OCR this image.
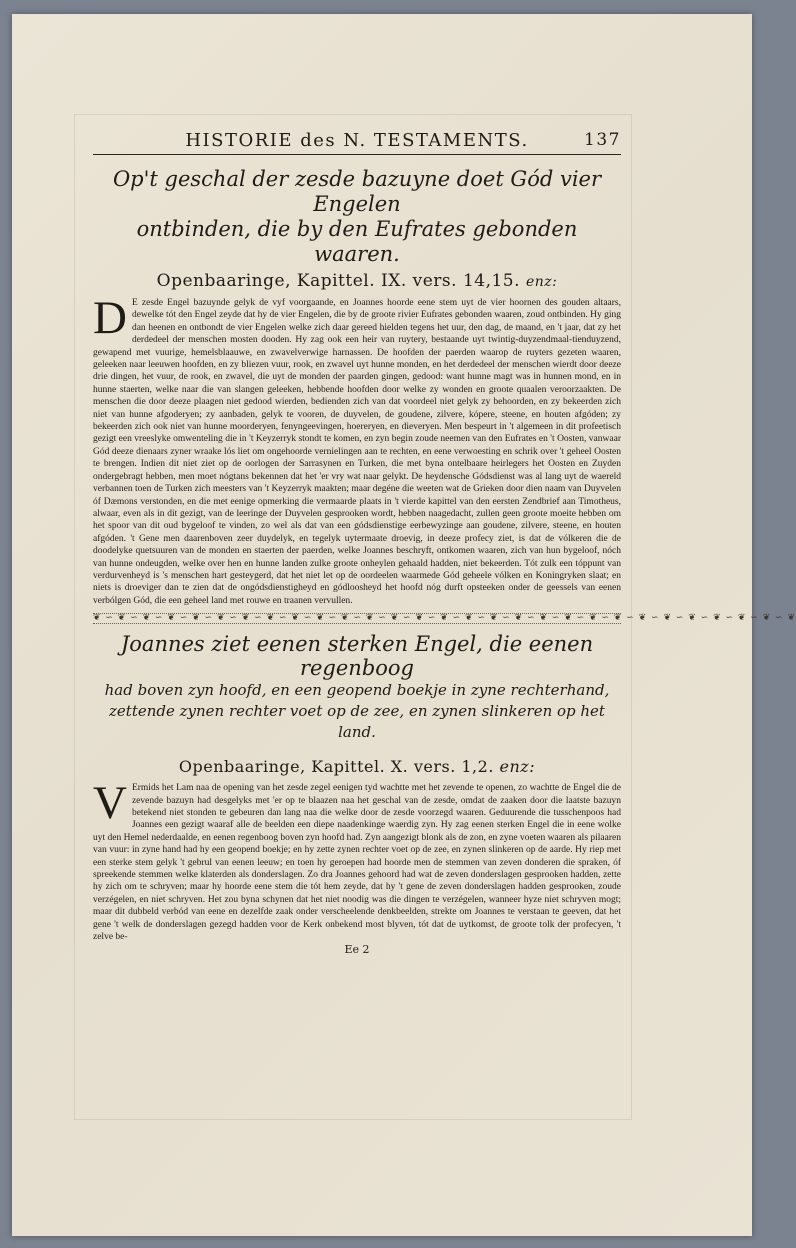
HISTORIE des N. TESTAMENTS.	137
Op't geschal der zesde bazuyne doet Gód vier Engelen
ontbinden, die by den Eufrates gebonden waaren.
Openbaaringe, Kapittel. IX. vers. 14,15. enz:
D E zesde Engel bazuynde gelyk de vyf voorgaande, en Joannes hoorde eene stem uyt de vier hoornen des gouden altaars, dewelke tót den Engel zeyde dat hy de vier Engelen, die by de groote rivier Eufrates gebonden waaren, zoud ontbinden. Hy ging dan heenen en ontbondt de vier Engelen welke zich daar gereed hielden tegens het uur, den dag, de maand, en 't jaar, dat zy het derdedeel der menschen mosten dooden. Hy zag ook een heir van ruytery, bestaande uyt twintig-duyzendmaal-tienduyzend, gewapend met vuurige, hemelsblaauwe, en zwavelverwige harnassen. De hoofden der paerden waarop de ruyters gezeten waaren, geleeken naar leeuwen hoofden, en zy bliezen vuur, rook, en zwavel uyt hunne monden, en het derdedeel der menschen wierdt door deeze drie dingen, het vuur, de rook, en zwavel, die uyt de monden der paarden gingen, gedood: want hunne magt was in hunnen mond, en in hunne staerten, welke naar die van slangen geleeken, hebbende hoofden door welke zy wonden en groote quaalen veroorzaakten. De menschen die door deeze plaagen niet gedood wierden, bedienden zich van dat voordeel niet gelyk zy behoorden, en zy bekeerden zich niet van hunne afgoderyen; zy aanbaden, gelyk te vooren, de duyvelen, de goudene, zilvere, kópere, steene, en houten afgóden; zy bekeerden zich ook niet van hunne moorderyen, fenyngeevingen, hoereryen, en dieveryen. Men bespeurt in 't algemeen in dit profeetisch gezigt een vreeslyke omwenteling die in 't Keyzerryk stondt te komen, en zyn begin zoude neemen van den Eufrates en 't Oosten, vanwaar Gód deeze dienaars zyner wraake lós liet om ongehoorde vernielingen aan te rechten, en eene verwoesting en schrik over 't geheel Oosten te brengen. Indien dit niet ziet op de oorlogen der Sarrasynen en Turken, die met byna ontelbaare heirlegers het Oosten en Zuyden ondergebragt hebben, men moet nógtans bekennen dat het 'er vry wat naar gelykt. De heydensche Gódsdienst was al lang uyt de waereld verbannen toen de Turken zich meesters van 't Keyzerryk maakten; maar degéne die weeten wat de Grieken door dien naam van Duyvelen óf Dæmons verstonden, en die met eenige opmerking die vermaarde plaats in 't vierde kapittel van den eersten Zendbrief aan Timotheus, alwaar, even als in dit gezigt, van de leeringe der Duyvelen gesprooken wordt, hebben naagedacht, zullen geen groote moeite hebben om het spoor van dit oud bygeloof te vinden, zo wel als dat van een gódsdienstige eerbewyzinge aan goudene, zilvere, steene, en houten afgóden. 't Gene men daarenboven zeer duydelyk, en tegelyk uytermaate droevig, in deeze profecy ziet, is dat de vólkeren die de doodelyke quetsuuren van de monden en staerten der paerden, welke Joannes beschryft, ontkomen waaren, zich van hun bygeloof, nóch van hunne ondeugden, welke over hen en hunne landen zulke groote onheylen gehaald hadden, niet bekeerden. Tót zulk een tóppunt van verdurvenheyd is 's menschen hart gesteygerd, dat het niet let op de oordeelen waarmede Gód geheele vólken en Koningryken slaat; en niets is droeviger dan te zien dat de ongódsdienstigheyd en gódloosheyd het hoofd nóg durft opsteeken onder de geessels van eenen verbólgen Gód, die een geheel land met rouwe en traanen vervullen.
❦ ∽ ❦ ∽ ❦ ∽ ❦ ∽ ❦ ∽ ❦ ∽ ❦ ∽ ❦ ∽ ❦ ∽ ❦ ∽ ❦ ∽ ❦ ∽ ❦ ∽ ❦ ∽ ❦ ∽ ❦ ∽ ❦ ∽ ❦ ∽ ❦ ∽ ❦ ∽ ❦ ∽ ❦ ∽ ❦ ∽ ❦ ∽ ❦ ∽ ❦ ∽ ❦ ∽ ❦ ∽ ❦
Joannes ziet eenen sterken Engel, die eenen regenboog
had boven zyn hoofd, en een geopend boekje in zyne rechterhand, zettende zynen rechter voet op de zee, en zynen slinkeren op het land.
Openbaaringe, Kapittel. X. vers. 1,2. enz:
V Ermids het Lam naa de opening van het zesde zegel eenigen tyd wachtte met het zevende te openen, zo wachtte de Engel die de zevende bazuyn had desgelyks met 'er op te blaazen naa het geschal van de zesde, omdat de zaaken door die laatste bazuyn betekend niet stonden te gebeuren dan lang naa die welke door de zesde voorzegd waaren. Geduurende die tusschenpoos had Joannes een gezigt waaraf alle de beelden een diepe naadenkinge waerdig zyn. Hy zag eenen sterken Engel die in eene wolke uyt den Hemel nederdaalde, en eenen regenboog boven zyn hoofd had. Zyn aangezigt blonk als de zon, en zyne voeten waaren als pilaaren van vuur: in zyne hand had hy een geopend boekje; en hy zette zynen rechter voet op de zee, en zynen slinkeren op de aarde. Hy riep met een sterke stem gelyk 't gebrul van eenen leeuw; en toen hy geroepen had hoorde men de stemmen van zeven donderen die spraken, óf spreekende stemmen welke klaterden als donderslagen. Zo dra Joannes gehoord had wat de zeven donderslagen gesprooken hadden, zette hy zich om te schryven; maar hy hoorde eene stem die tót hem zeyde, dat hy 't gene de zeven donderslagen hadden gesprooken, zoude verzégelen, en niet schryven. Het zou byna schynen dat het niet noodig was die dingen te verzégelen, wanneer hyze niet schryven mogt; maar dit dubbeld verbód van eene en dezelfde zaak onder verscheelende denkbeelden, strekte om Joannes te verstaan te geeven, dat het gene 't welk de donderslagen gezegd hadden voor de Kerk onbekend most blyven, tót dat de uytkomst, de groote tolk der profecyen, 't zelve be-
Ee 2
